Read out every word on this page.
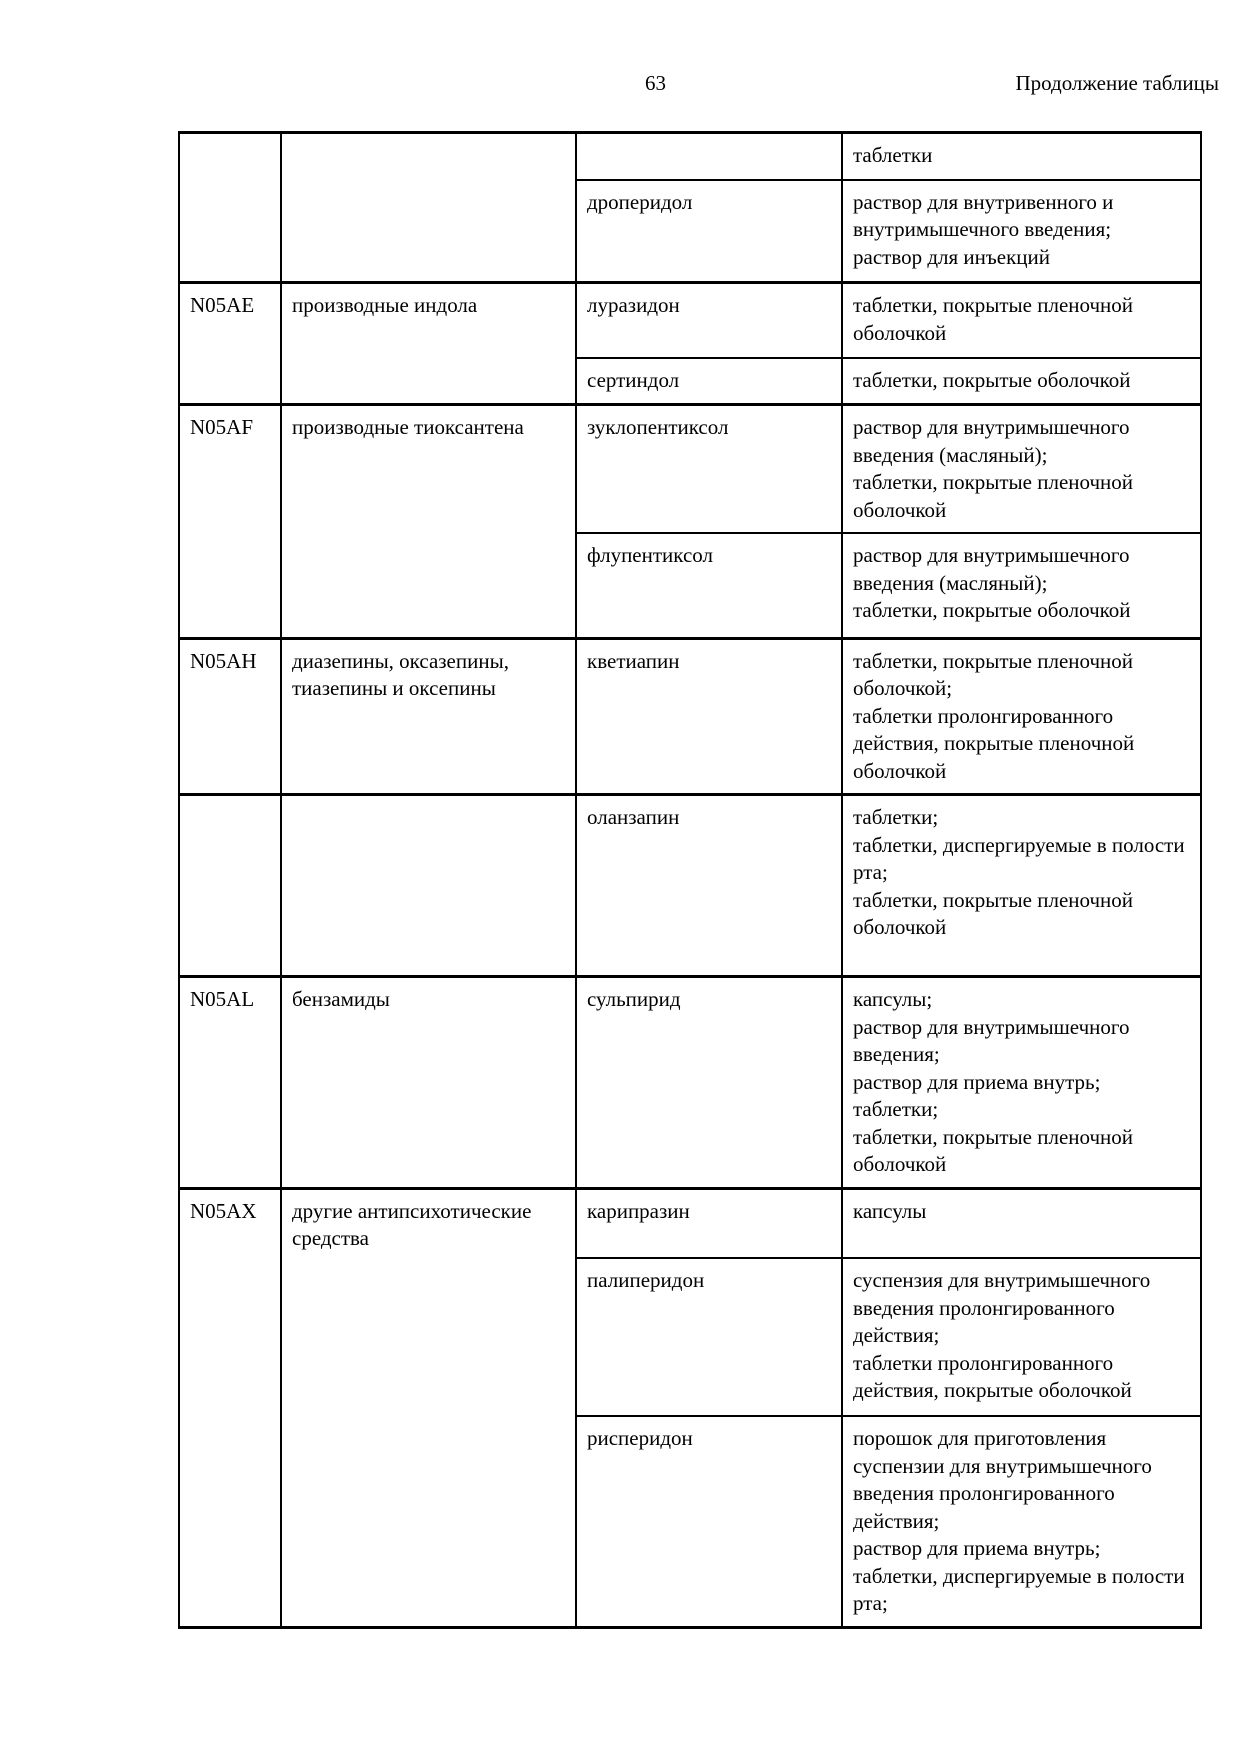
63	Продолжение таблицы

			таблетки

		дроперидол	раствор для внутривенного и внутримышечного введения;
раствор для инъекций

N05AE	производные индола	луразидон	таблетки, покрытые пленочной оболочкой

		сертиндол	таблетки, покрытые оболочкой

N05AF	производные тиоксантена	зуклопентиксол	раствор для внутримышечного введения (масляный);
таблетки, покрытые пленочной оболочкой

		флупентиксол	раствор для внутримышечного введения (масляный);
таблетки, покрытые оболочкой

N05AH	диазепины, оксазепины, тиазепины и оксепины	кветиапин	таблетки, покрытые пленочной оболочкой;
таблетки пролонгированного действия, покрытые пленочной оболочкой

		оланзапин	таблетки;
таблетки, диспергируемые в полости рта;
таблетки, покрытые пленочной оболочкой

N05AL	бензамиды	сульпирид	капсулы;
раствор для внутримышечного введения;
раствор для приема внутрь;
таблетки;
таблетки, покрытые пленочной оболочкой

N05AX	другие антипсихотические средства	карипразин	капсулы

		палиперидон	суспензия для внутримышечного введения пролонгированного действия;
таблетки пролонгированного действия, покрытые оболочкой

		рисперидон	порошок для приготовления суспензии для внутримышечного введения пролонгированного действия;
раствор для приема внутрь;
таблетки, диспергируемые в полости рта;
